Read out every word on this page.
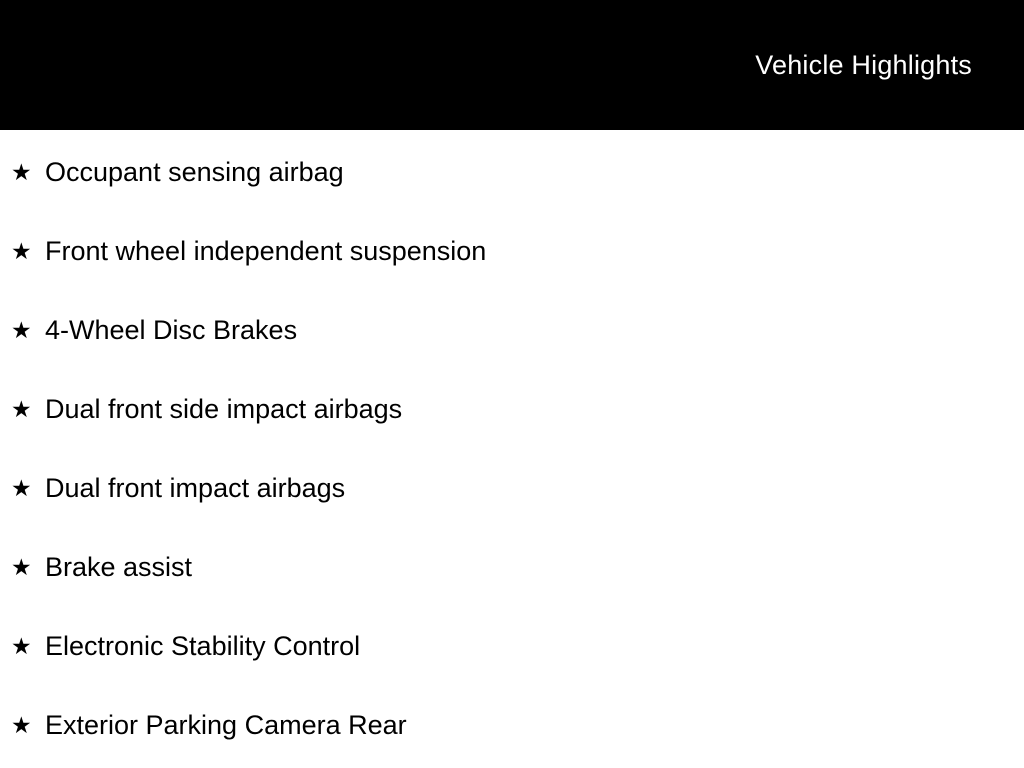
Vehicle Highlights
★ Occupant sensing airbag
★ Front wheel independent suspension
★ 4-Wheel Disc Brakes
★ Dual front side impact airbags
★ Dual front impact airbags
★ Brake assist
★ Electronic Stability Control
★ Exterior Parking Camera Rear
